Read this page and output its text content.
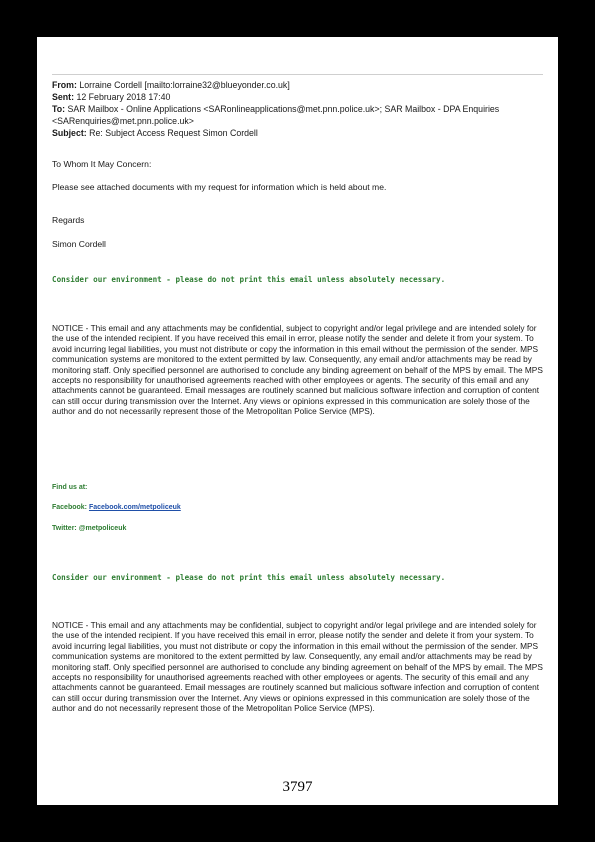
From: Lorraine Cordell [mailto:lorraine32@blueyonder.co.uk]
Sent: 12 February 2018 17:40
To: SAR Mailbox - Online Applications <SARonlineapplications@met.pnn.police.uk>; SAR Mailbox - DPA Enquiries <SARenquiries@met.pnn.police.uk>
Subject: Re: Subject Access Request Simon Cordell
To Whom It May Concern:
Please see attached documents with my request for information which is held about me.
Regards
Simon Cordell
Consider our environment - please do not print this email unless absolutely necessary.
NOTICE - This email and any attachments may be confidential, subject to copyright and/or legal privilege and are intended solely for the use of the intended recipient. If you have received this email in error, please notify the sender and delete it from your system. To avoid incurring legal liabilities, you must not distribute or copy the information in this email without the permission of the sender. MPS communication systems are monitored to the extent permitted by law. Consequently, any email and/or attachments may be read by monitoring staff. Only specified personnel are authorised to conclude any binding agreement on behalf of the MPS by email. The MPS accepts no responsibility for unauthorised agreements reached with other employees or agents. The security of this email and any attachments cannot be guaranteed. Email messages are routinely scanned but malicious software infection and corruption of content can still occur during transmission over the Internet. Any views or opinions expressed in this communication are solely those of the author and do not necessarily represent those of the Metropolitan Police Service (MPS).
Find us at:
Facebook: Facebook.com/metpoliceuk
Twitter: @metpoliceuk
Consider our environment - please do not print this email unless absolutely necessary.
NOTICE - This email and any attachments may be confidential, subject to copyright and/or legal privilege and are intended solely for the use of the intended recipient. If you have received this email in error, please notify the sender and delete it from your system. To avoid incurring legal liabilities, you must not distribute or copy the information in this email without the permission of the sender. MPS communication systems are monitored to the extent permitted by law. Consequently, any email and/or attachments may be read by monitoring staff. Only specified personnel are authorised to conclude any binding agreement on behalf of the MPS by email. The MPS accepts no responsibility for unauthorised agreements reached with other employees or agents. The security of this email and any attachments cannot be guaranteed. Email messages are routinely scanned but malicious software infection and corruption of content can still occur during transmission over the Internet. Any views or opinions expressed in this communication are solely those of the author and do not necessarily represent those of the Metropolitan Police Service (MPS).
3797
